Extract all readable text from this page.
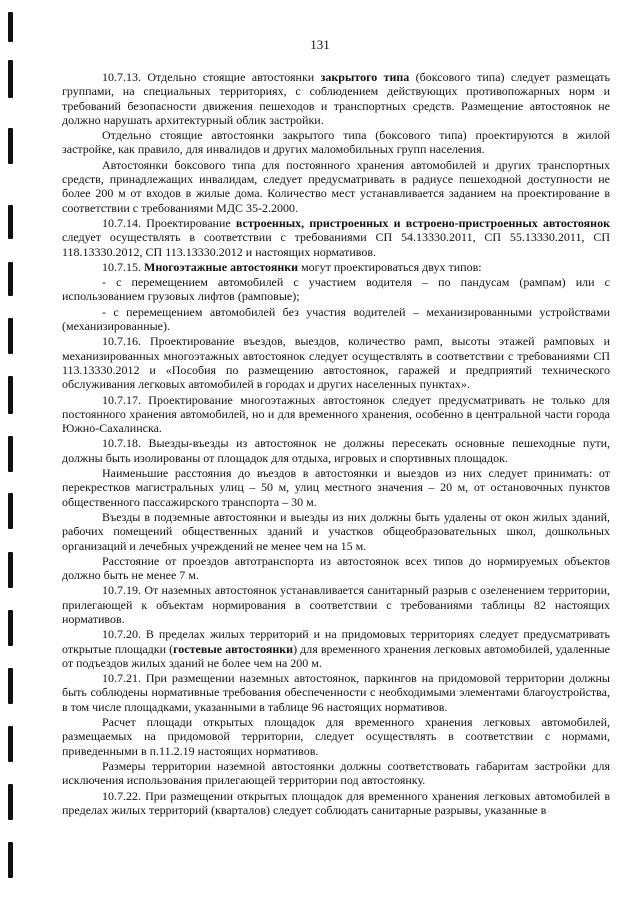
131

10.7.13. Отдельно стоящие автостоянки закрытого типа (боксового типа) следует размещать группами, на специальных территориях, с соблюдением действующих противопожарных норм и требований безопасности движения пешеходов и транспортных средств. Размещение автостоянок не должно нарушать архитектурный облик застройки.

Отдельно стоящие автостоянки закрытого типа (боксового типа) проектируются в жилой застройке, как правило, для инвалидов и других маломобильных групп населения.

Автостоянки боксового типа для постоянного хранения автомобилей и других транспортных средств, принадлежащих инвалидам, следует предусматривать в радиусе пешеходной доступности не более 200 м от входов в жилые дома. Количество мест устанавливается заданием на проектирование в соответствии с требованиями МДС 35-2.2000.

10.7.14. Проектирование встроенных, пристроенных и встроено-пристроенных автостоянок следует осуществлять в соответствии с требованиями СП 54.13330.2011, СП 55.13330.2011, СП 118.13330.2012, СП 113.13330.2012 и настоящих нормативов.

10.7.15. Многоэтажные автостоянки могут проектироваться двух типов:

- с перемещением автомобилей с участием водителя – по пандусам (рампам) или с использованием грузовых лифтов (рамповые);

- с перемещением автомобилей без участия водителей – механизированными устройствами (механизированные).

10.7.16. Проектирование въездов, выездов, количество рамп, высоты этажей рамповых и механизированных многоэтажных автостоянок следует осуществлять в соответствии с требованиями СП 113.13330.2012 и «Пособия по размещению автостоянок, гаражей и предприятий технического обслуживания легковых автомобилей в городах и других населенных пунктах».

10.7.17. Проектирование многоэтажных автостоянок следует предусматривать не только для постоянного хранения автомобилей, но и для временного хранения, особенно в центральной части города Южно-Сахалинска.

10.7.18. Выезды-въезды из автостоянок не должны пересекать основные пешеходные пути, должны быть изолированы от площадок для отдыха, игровых и спортивных площадок.

Наименьшие расстояния до въездов в автостоянки и выездов из них следует принимать: от перекрестков магистральных улиц – 50 м, улиц местного значения – 20 м, от остановочных пунктов общественного пассажирского транспорта – 30 м.

Въезды в подземные автостоянки и выезды из них должны быть удалены от окон жилых зданий, рабочих помещений общественных зданий и участков общеобразовательных школ, дошкольных организаций и лечебных учреждений не менее чем на 15 м.

Расстояние от проездов автотранспорта из автостоянок всех типов до нормируемых объектов должно быть не менее 7 м.

10.7.19. От наземных автостоянок устанавливается санитарный разрыв с озеленением территории, прилегающей к объектам нормирования в соответствии с требованиями таблицы 82 настоящих нормативов.

10.7.20. В пределах жилых территорий и на придомовых территориях следует предусматривать открытые площадки (гостевые автостоянки) для временного хранения легковых автомобилей, удаленные от подъездов жилых зданий не более чем на 200 м.

10.7.21. При размещении наземных автостоянок, паркингов на придомовой территории должны быть соблюдены нормативные требования обеспеченности с необходимыми элементами благоустройства, в том числе площадками, указанными в таблице 96 настоящих нормативов.

Расчет площади открытых площадок для временного хранения легковых автомобилей, размещаемых на придомовой территории, следует осуществлять в соответствии с нормами, приведенными в п.11.2.19 настоящих нормативов.

Размеры территории наземной автостоянки должны соответствовать габаритам застройки для исключения использования прилегающей территории под автостоянку.

10.7.22. При размещении открытых площадок для временного хранения легковых автомобилей в пределах жилых территорий (кварталов) следует соблюдать санитарные разрывы, указанные в
